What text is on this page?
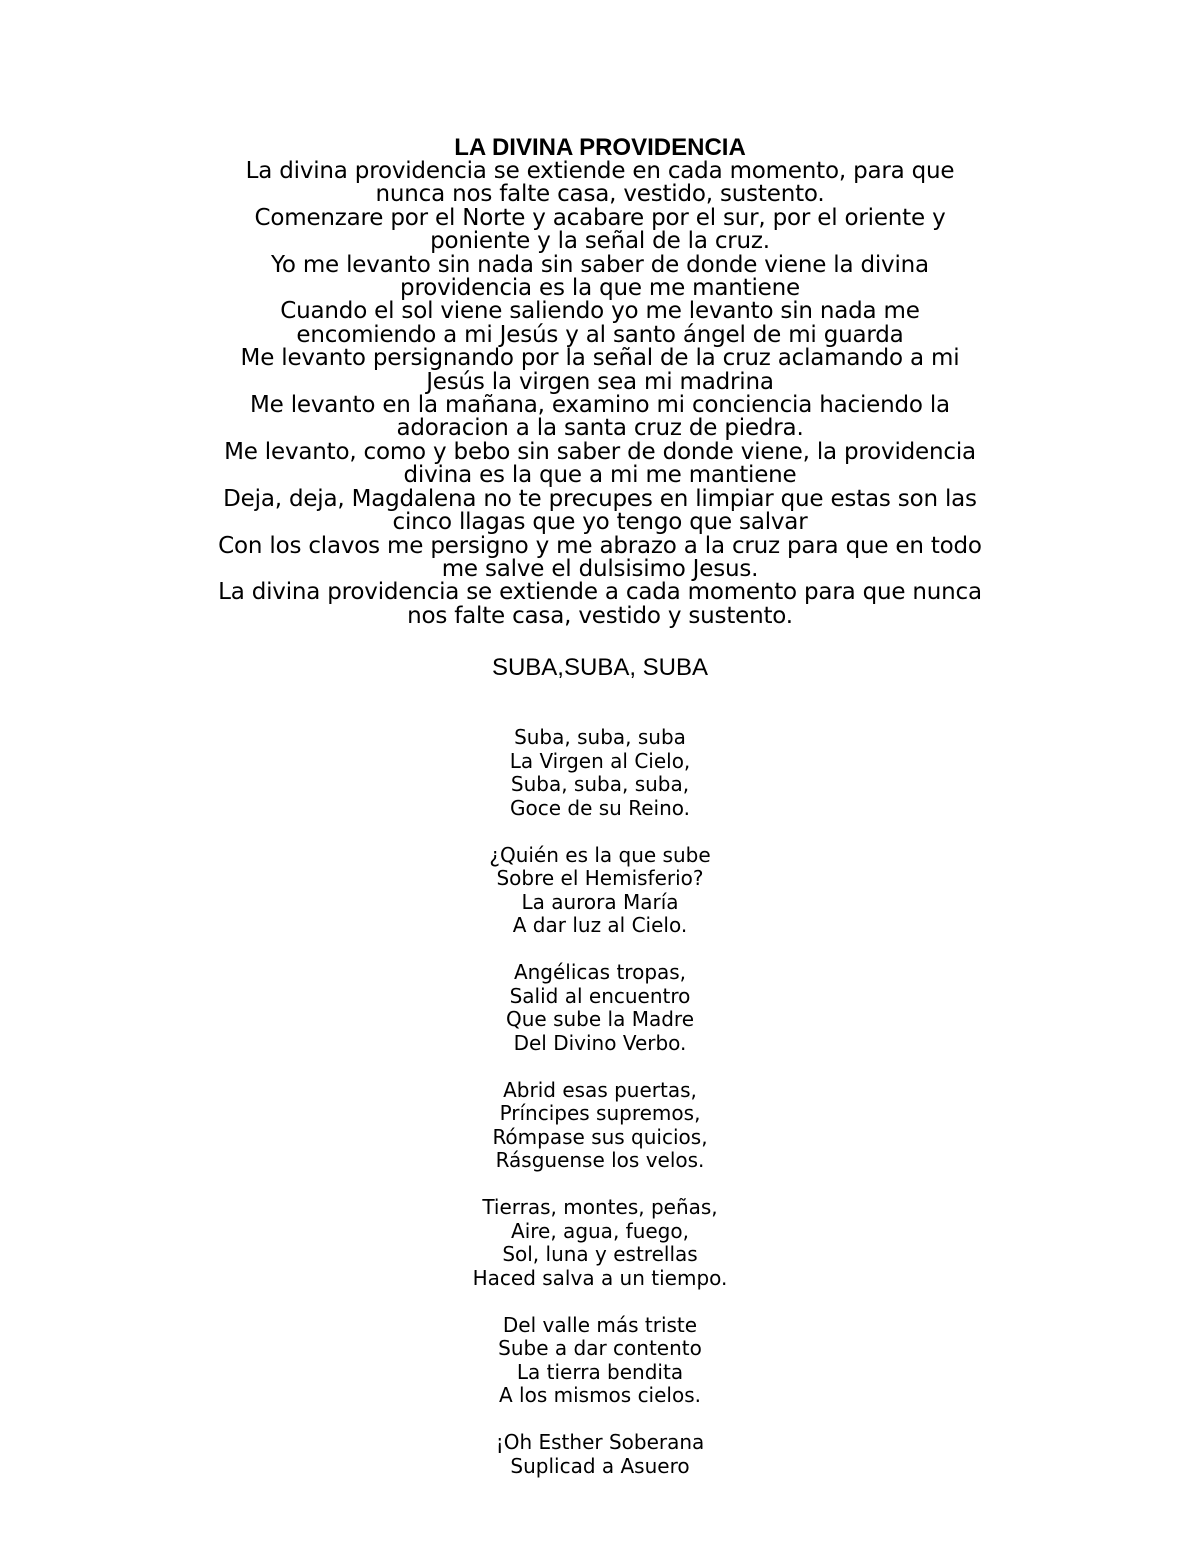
LA DIVINA PROVIDENCIA

La divina providencia se extiende en cada momento, para que

nunca nos falte casa, vestido, sustento.

Comenzare por el Norte y acabare por el sur, por el oriente y

poniente y la señal de la cruz.

Yo me levanto sin nada sin saber de donde viene la divina

providencia es la que me mantiene

Cuando el sol viene saliendo yo me levanto sin nada me

encomiendo a mi Jesús y al santo ángel de mi guarda

Me levanto persignando por la señal de la cruz aclamando a mi

Jesús la virgen sea mi madrina

Me levanto en la mañana, examino mi conciencia haciendo la

adoracion a la santa cruz de piedra.

Me levanto, como y bebo sin saber de donde viene, la providencia

divina es la que a mi me mantiene

Deja, deja, Magdalena no te precupes en limpiar que estas son las

cinco llagas que yo tengo que salvar

Con los clavos me persigno y me abrazo a la cruz para que en todo

me salve el dulsisimo Jesus.

La divina providencia se extiende a cada momento para que nunca

nos falte casa, vestido y sustento.

SUBA,SUBA, SUBA

Suba, suba, suba

La Virgen al Cielo,

Suba, suba, suba,

Goce de su Reino.

¿Quién es la que sube

Sobre el Hemisferio?

La aurora María

A dar luz al Cielo.

Angélicas tropas,

Salid al encuentro

Que sube la Madre

Del Divino Verbo.

Abrid esas puertas,

Príncipes supremos,

Rómpase sus quicios,

Rásguense los velos.

Tierras, montes, peñas,

Aire, agua, fuego,

Sol, luna y estrellas

Haced salva a un tiempo.

Del valle más triste

Sube a dar contento

La tierra bendita

A los mismos cielos.

¡Oh Esther Soberana

Suplicad a Asuero
